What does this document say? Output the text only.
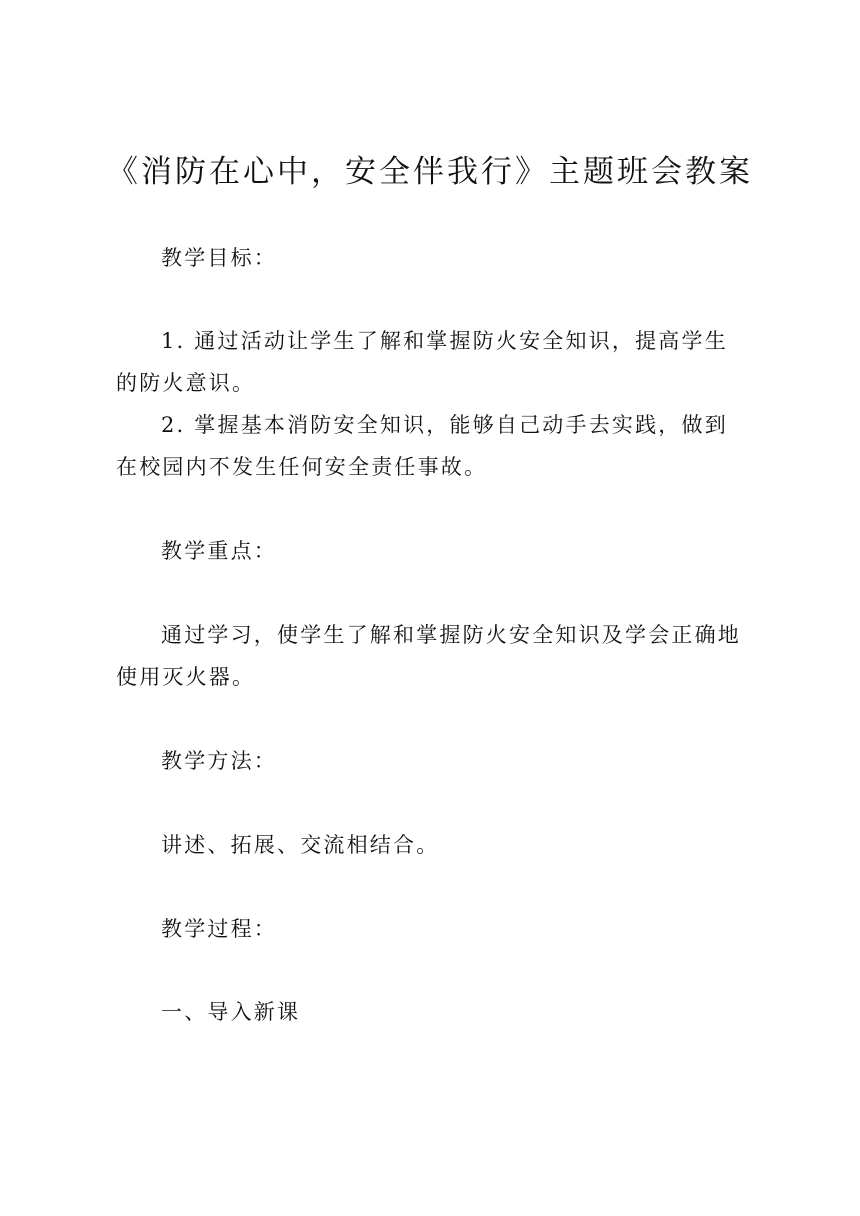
《消防在心中，安全伴我行》主题班会教案

教学目标：

1. 通过活动让学生了解和掌握防火安全知识，提高学生的防火意识。

2. 掌握基本消防安全知识，能够自己动手去实践，做到在校园内不发生任何安全责任事故。

教学重点：

通过学习，使学生了解和掌握防火安全知识及学会正确地使用灭火器。

教学方法：

讲述、拓展、交流相结合。

教学过程：

一、导入新课
